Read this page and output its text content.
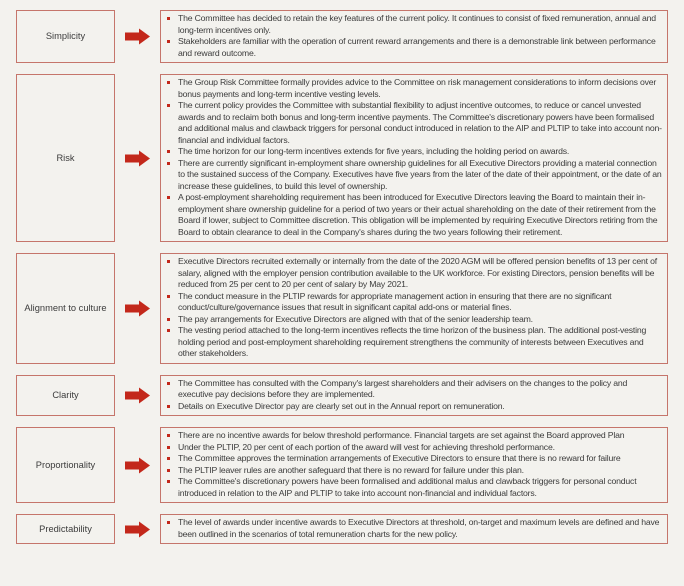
Simplicity
The Committee has decided to retain the key features of the current policy. It continues to consist of fixed remuneration, annual and long-term incentives only.
Stakeholders are familiar with the operation of current reward arrangements and there is a demonstrable link between performance and reward outcome.
Risk
The Group Risk Committee formally provides advice to the Committee on risk management considerations to inform decisions over bonus payments and long-term incentive vesting levels.
The current policy provides the Committee with substantial flexibility to adjust incentive outcomes, to reduce or cancel unvested awards and to reclaim both bonus and long-term incentive payments. The Committee's discretionary powers have been formalised and additional malus and clawback triggers for personal conduct introduced in relation to the AIP and PLTIP to take into account non-financial and individual factors.
The time horizon for our long-term incentives extends for five years, including the holding period on awards.
There are currently significant in-employment share ownership guidelines for all Executive Directors providing a material connection to the sustained success of the Company. Executives have five years from the later of the date of their appointment, or the date of an increase these guidelines, to build this level of ownership.
A post-employment shareholding requirement has been introduced for Executive Directors leaving the Board to maintain their in-employment share ownership guideline for a period of two years or their actual shareholding on the date of their retirement from the Board if lower, subject to Committee discretion. This obligation will be implemented by requiring Executive Directors retiring from the Board to obtain clearance to deal in the Company's shares during the two years following their retirement.
Alignment to culture
Executive Directors recruited externally or internally from the date of the 2020 AGM will be offered pension benefits of 13 per cent of salary, aligned with the employer pension contribution available to the UK workforce. For existing Directors, pension benefits will be reduced from 25 per cent to 20 per cent of salary by May 2021.
The conduct measure in the PLTIP rewards for appropriate management action in ensuring that there are no significant conduct/culture/governance issues that result in significant capital add-ons or material fines.
The pay arrangements for Executive Directors are aligned with that of the senior leadership team.
The vesting period attached to the long-term incentives reflects the time horizon of the business plan. The additional post-vesting holding period and post-employment shareholding requirement strengthens the community of interests between Executives and other stakeholders.
Clarity
The Committee has consulted with the Company's largest shareholders and their advisers on the changes to the policy and executive pay decisions before they are implemented.
Details on Executive Director pay are clearly set out in the Annual report on remuneration.
Proportionality
There are no incentive awards for below threshold performance. Financial targets are set against the Board approved Plan
Under the PLTIP, 20 per cent of each portion of the award will vest for achieving threshold performance.
The Committee approves the termination arrangements of Executive Directors to ensure that there is no reward for failure
The PLTIP leaver rules are another safeguard that there is no reward for failure under this plan.
The Committee's discretionary powers have been formalised and additional malus and clawback triggers for personal conduct introduced in relation to the AIP and PLTIP to take into account non-financial and individual factors.
Predictability
The level of awards under incentive awards to Executive Directors at threshold, on-target and maximum levels are defined and have been outlined in the scenarios of total remuneration charts for the new policy.
